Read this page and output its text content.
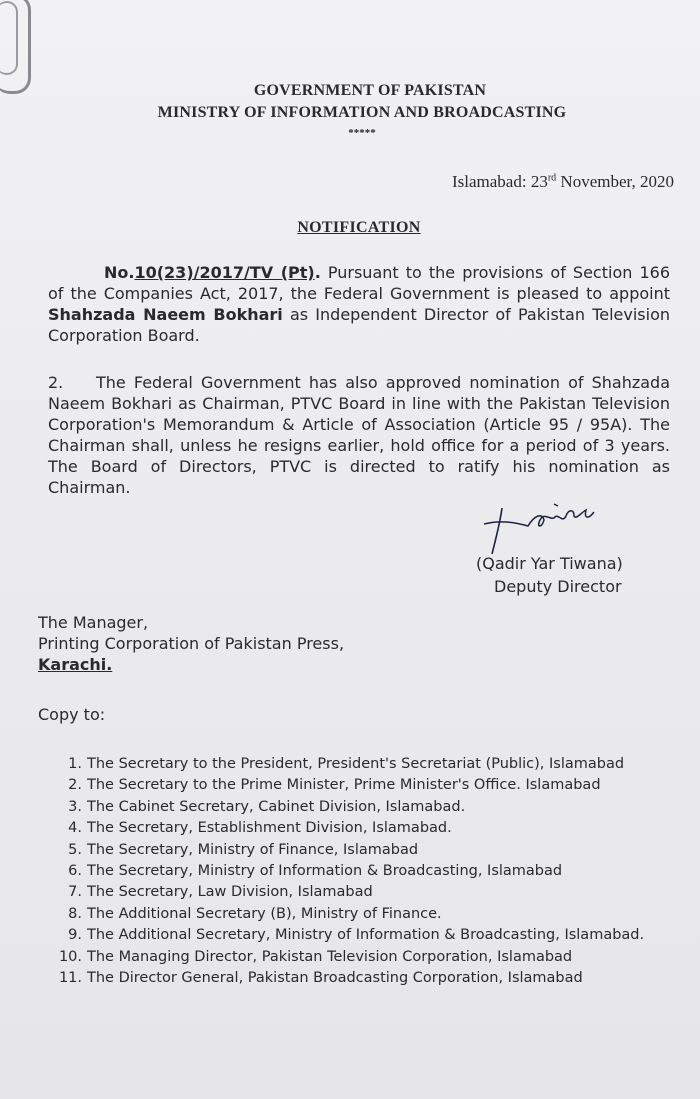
GOVERNMENT OF PAKISTAN
MINISTRY OF INFORMATION AND BROADCASTING
*****
Islamabad: 23rd November, 2020
NOTIFICATION
No.10(23)/2017/TV (Pt). Pursuant to the provisions of Section 166 of the Companies Act, 2017, the Federal Government is pleased to appoint Shahzada Naeem Bokhari as Independent Director of Pakistan Television Corporation Board.
2. The Federal Government has also approved nomination of Shahzada Naeem Bokhari as Chairman, PTVC Board in line with the Pakistan Television Corporation's Memorandum & Article of Association (Article 95 / 95A). The Chairman shall, unless he resigns earlier, hold office for a period of 3 years. The Board of Directors, PTVC is directed to ratify his nomination as Chairman.
(Qadir Yar Tiwana)
Deputy Director
The Manager,
Printing Corporation of Pakistan Press,
Karachi.
Copy to:
1. The Secretary to the President, President's Secretariat (Public), Islamabad
2. The Secretary to the Prime Minister, Prime Minister's Office. Islamabad
3. The Cabinet Secretary, Cabinet Division, Islamabad.
4. The Secretary, Establishment Division, Islamabad.
5. The Secretary, Ministry of Finance, Islamabad
6. The Secretary, Ministry of Information & Broadcasting, Islamabad
7. The Secretary, Law Division, Islamabad
8. The Additional Secretary (B), Ministry of Finance.
9. The Additional Secretary, Ministry of Information & Broadcasting, Islamabad.
10. The Managing Director, Pakistan Television Corporation, Islamabad
11. The Director General, Pakistan Broadcasting Corporation, Islamabad
